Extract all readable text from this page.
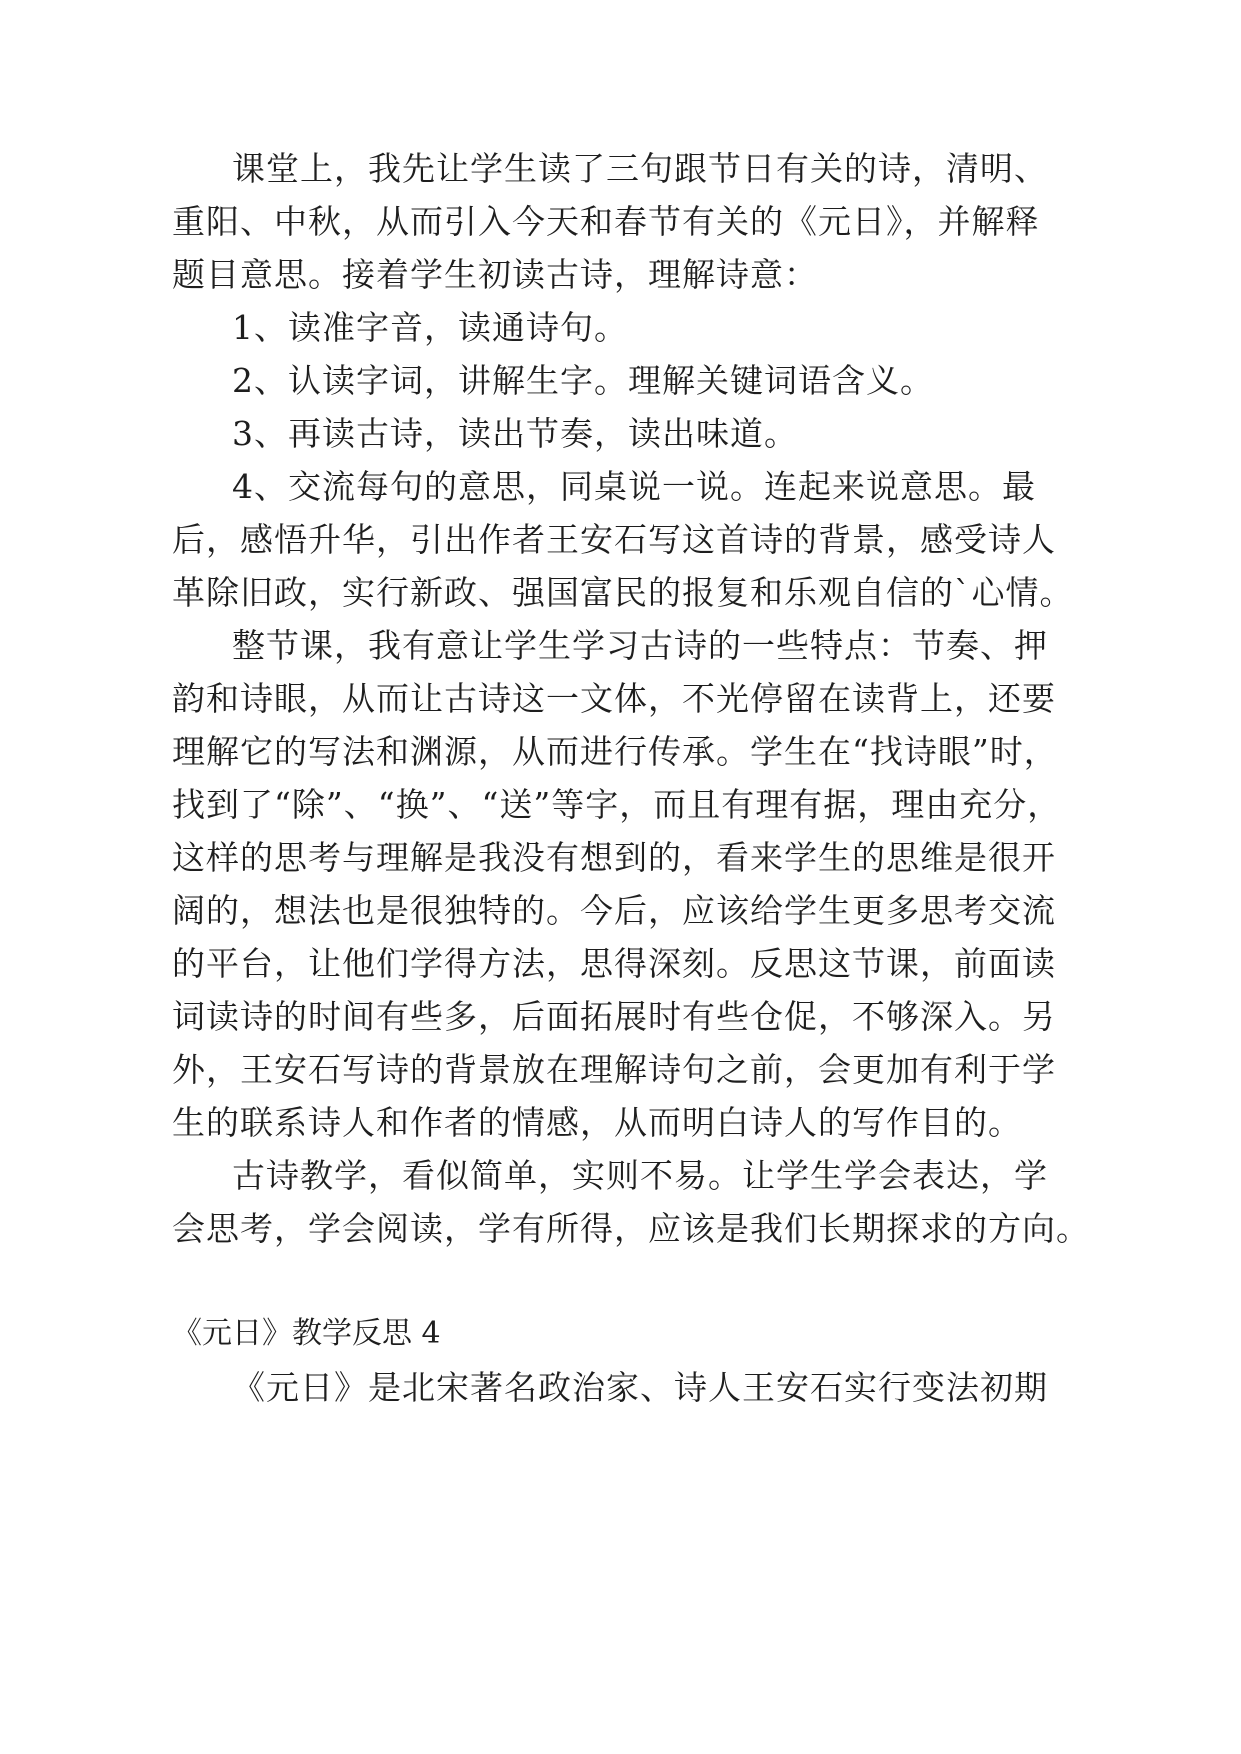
课堂上，我先让学生读了三句跟节日有关的诗，清明、
重阳、中秋，从而引入今天和春节有关的《元日》，并解释
题目意思。接着学生初读古诗，理解诗意：
1、读准字音，读通诗句。
2、认读字词，讲解生字。理解关键词语含义。
3、再读古诗，读出节奏，读出味道。
4、交流每句的意思，同桌说一说。连起来说意思。最
后，感悟升华，引出作者王安石写这首诗的背景，感受诗人
革除旧政，实行新政、强国富民的报复和乐观自信的`心情。
整节课，我有意让学生学习古诗的一些特点：节奏、押
韵和诗眼，从而让古诗这一文体，不光停留在读背上，还要
理解它的写法和渊源，从而进行传承。学生在“找诗眼”时，
找到了“除”、“换”、“送”等字，而且有理有据，理由充分，
这样的思考与理解是我没有想到的，看来学生的思维是很开
阔的，想法也是很独特的。今后，应该给学生更多思考交流
的平台，让他们学得方法，思得深刻。反思这节课，前面读
词读诗的时间有些多，后面拓展时有些仓促，不够深入。另
外，王安石写诗的背景放在理解诗句之前，会更加有利于学
生的联系诗人和作者的情感，从而明白诗人的写作目的。
古诗教学，看似简单，实则不易。让学生学会表达，学
会思考，学会阅读，学有所得，应该是我们长期探求的方向。
《元日》教学反思 4
《元日》是北宋著名政治家、诗人王安石实行变法初期
